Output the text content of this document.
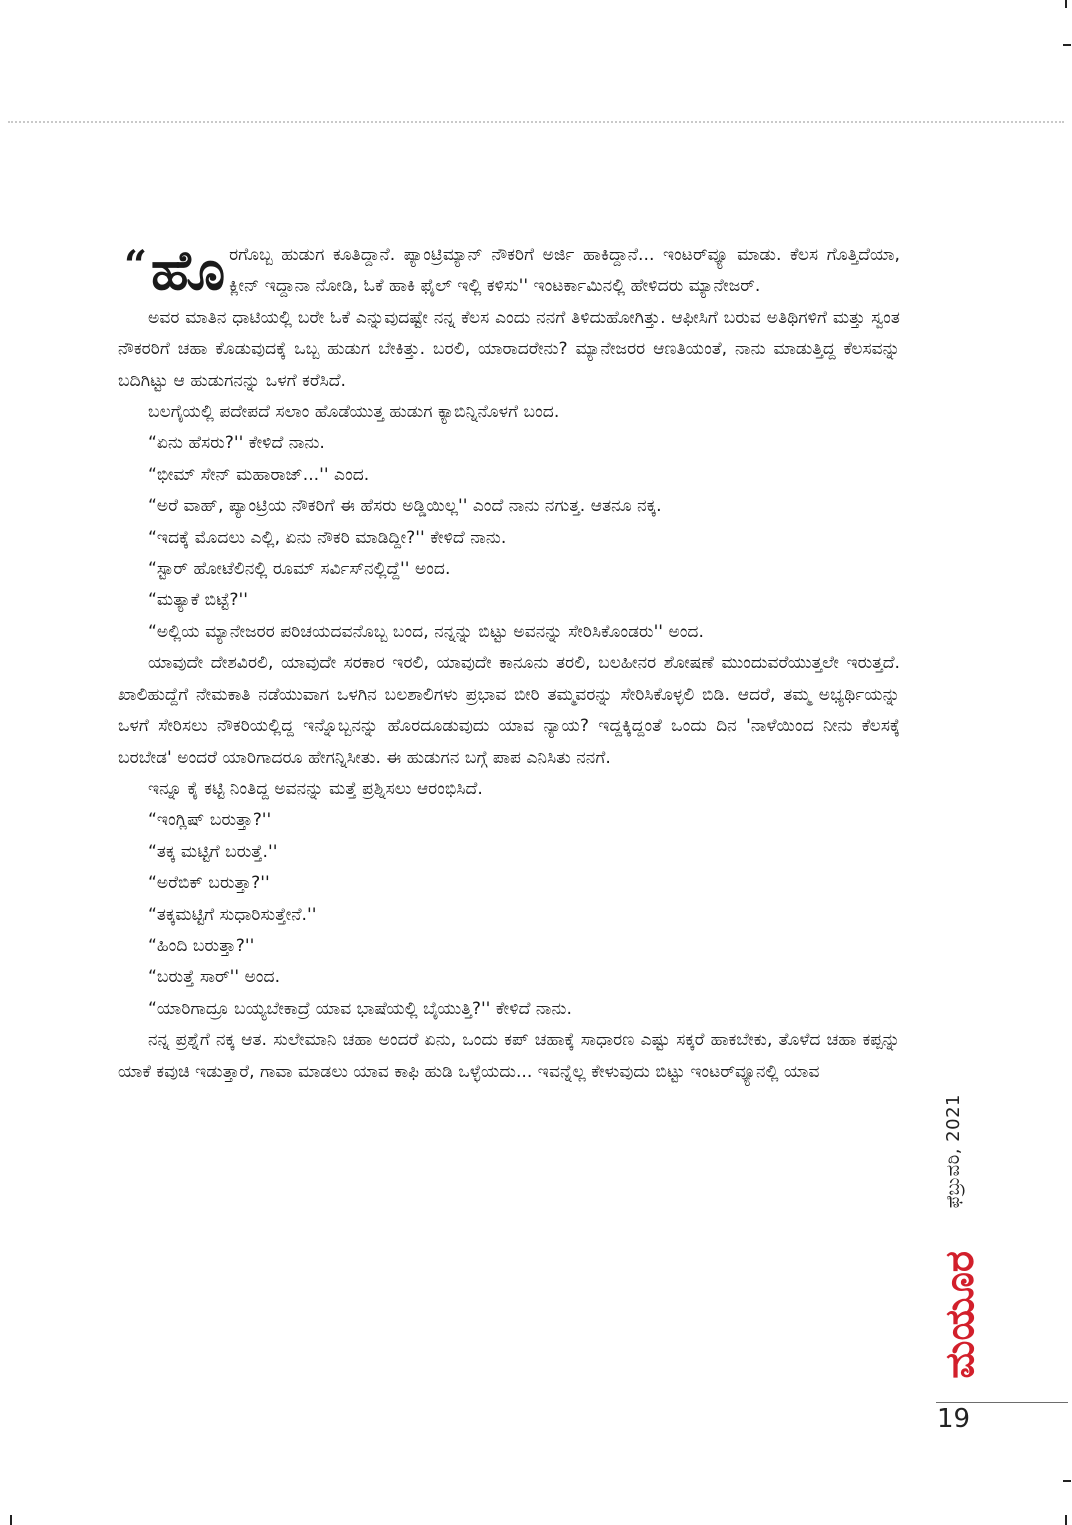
“ ಹೊ ರಗೊಬ್ಬ ಹುಡುಗ ಕೂತಿದ್ದಾನೆ. ಪ್ಯಾಂಟ್ರಿಮ್ಯಾನ್ ನೌಕರಿಗೆ ಅರ್ಜಿ ಹಾಕಿದ್ದಾನೆ... ಇಂಟರ್‌ವ್ಯೂ ಮಾಡು. ಕೆಲಸ ಗೊತ್ತಿದೆಯಾ, ಕ್ಲೀನ್ ಇದ್ದಾನಾ ನೋಡಿ, ಓಕೆ ಹಾಕಿ ಫೈಲ್ ಇಲ್ಲಿ ಕಳಿಸು'' ಇಂಟರ್ಕಾಮಿನಲ್ಲಿ ಹೇಳಿದರು ಮ್ಯಾನೇಜರ್.

ಅವರ ಮಾತಿನ ಧಾಟಿಯಲ್ಲಿ ಬರೇ ಓಕೆ ಎನ್ನುವುದಷ್ಟೇ ನನ್ನ ಕೆಲಸ ಎಂದು ನನಗೆ ತಿಳಿದುಹೋಗಿತ್ತು. ಆಫೀಸಿಗೆ ಬರುವ ಅತಿಥಿಗಳಿಗೆ ಮತ್ತು ಸ್ವಂತ ನೌಕರರಿಗೆ ಚಹಾ ಕೊಡುವುದಕ್ಕೆ ಒಬ್ಬ ಹುಡುಗ ಬೇಕಿತ್ತು. ಬರಲಿ, ಯಾರಾದರೇನು? ಮ್ಯಾನೇಜರರ ಆಣತಿಯಂತೆ, ನಾನು ಮಾಡುತ್ತಿದ್ದ ಕೆಲಸವನ್ನು ಬದಿಗಿಟ್ಟು ಆ ಹುಡುಗನನ್ನು ಒಳಗೆ ಕರೆಸಿದೆ.

ಬಲಗೈಯಲ್ಲಿ ಪದೇಪದೆ ಸಲಾಂ ಹೊಡೆಯುತ್ತ ಹುಡುಗ ಕ್ಯಾಬಿನ್ನಿನೊಳಗೆ ಬಂದ.

“ಏನು ಹೆಸರು?'' ಕೇಳಿದೆ ನಾನು.

“ಭೀಮ್ ಸೇನ್ ಮಹಾರಾಜ್...'' ಎಂದ.

“ಅರೆ ವಾಹ್, ಪ್ಯಾಂಟ್ರಿಯ ನೌಕರಿಗೆ ಈ ಹೆಸರು ಅಡ್ಡಿಯಿಲ್ಲ'' ಎಂದೆ ನಾನು ನಗುತ್ತ. ಆತನೂ ನಕ್ಕ.

“ಇದಕ್ಕೆ ಮೊದಲು ಎಲ್ಲಿ, ಏನು ನೌಕರಿ ಮಾಡಿದ್ದೀ?'' ಕೇಳಿದೆ ನಾನು.

“ಸ್ಟಾರ್ ಹೋಟೆಲಿನಲ್ಲಿ ರೂಮ್ ಸರ್ವಿಸ್‌ನಲ್ಲಿದ್ದೆ'' ಅಂದ.

“ಮತ್ಯಾಕೆ ಬಿಟ್ಟೆ?''

“ಅಲ್ಲಿಯ ಮ್ಯಾನೇಜರರ ಪರಿಚಯದವನೊಬ್ಬ ಬಂದ, ನನ್ನನ್ನು ಬಿಟ್ಟು ಅವನನ್ನು ಸೇರಿಸಿಕೊಂಡರು'' ಅಂದ.

ಯಾವುದೇ ದೇಶವಿರಲಿ, ಯಾವುದೇ ಸರಕಾರ ಇರಲಿ, ಯಾವುದೇ ಕಾನೂನು ತರಲಿ, ಬಲಹೀನರ ಶೋಷಣೆ ಮುಂದುವರೆಯುತ್ತಲೇ ಇರುತ್ತದೆ. ಖಾಲಿಹುದ್ದೆಗೆ ನೇಮಕಾತಿ ನಡೆಯುವಾಗ ಒಳಗಿನ ಬಲಶಾಲಿಗಳು ಪ್ರಭಾವ ಬೀರಿ ತಮ್ಮವರನ್ನು ಸೇರಿಸಿಕೊಳ್ಳಲಿ ಬಿಡಿ. ಆದರೆ, ತಮ್ಮ ಅಭ್ಯರ್ಥಿಯನ್ನು ಒಳಗೆ ಸೇರಿಸಲು ನೌಕರಿಯಲ್ಲಿದ್ದ ಇನ್ನೊಬ್ಬನನ್ನು ಹೊರದೂಡುವುದು ಯಾವ ನ್ಯಾಯ? ಇದ್ದಕ್ಕಿದ್ದಂತೆ ಒಂದು ದಿನ 'ನಾಳೆಯಿಂದ ನೀನು ಕೆಲಸಕ್ಕೆ ಬರಬೇಡ' ಅಂದರೆ ಯಾರಿಗಾದರೂ ಹೇಗನ್ನಿಸೀತು. ಈ ಹುಡುಗನ ಬಗ್ಗೆ ಪಾಪ ಎನಿಸಿತು ನನಗೆ.

ಇನ್ನೂ ಕೈ ಕಟ್ಟಿ ನಿಂತಿದ್ದ ಅವನನ್ನು ಮತ್ತೆ ಪ್ರಶ್ನಿಸಲು ಆರಂಭಿಸಿದೆ.

“ಇಂಗ್ಲಿಷ್ ಬರುತ್ತಾ?''

“ತಕ್ಕ ಮಟ್ಟಿಗೆ ಬರುತ್ತೆ.''

“ಅರೆಬಿಕ್ ಬರುತ್ತಾ?''

“ತಕ್ಕಮಟ್ಟಿಗೆ ಸುಧಾರಿಸುತ್ತೇನೆ.''

“ಹಿಂದಿ ಬರುತ್ತಾ?''

“ಬರುತ್ತೆ ಸಾರ್'' ಅಂದ.

“ಯಾರಿಗಾದ್ರೂ ಬಯ್ಯಬೇಕಾದ್ರೆ ಯಾವ ಭಾಷೆಯಲ್ಲಿ ಬೈಯುತ್ತಿ?'' ಕೇಳಿದೆ ನಾನು.

ನನ್ನ ಪ್ರಶ್ನೆಗೆ ನಕ್ಕ ಆತ. ಸುಲೇಮಾನಿ ಚಹಾ ಅಂದರೆ ಏನು, ಒಂದು ಕಪ್ ಚಹಾಕ್ಕೆ ಸಾಧಾರಣ ಎಷ್ಟು ಸಕ್ಕರೆ ಹಾಕಬೇಕು, ತೊಳೆದ ಚಹಾ ಕಪ್ಪನ್ನು ಯಾಕೆ ಕವುಚಿ ಇಡುತ್ತಾರೆ, ಗಾವಾ ಮಾಡಲು ಯಾವ ಕಾಫಿ ಹುಡಿ ಒಳ್ಳೆಯದು... ಇವನ್ನೆಲ್ಲ ಕೇಳುವುದು ಬಿಟ್ಟು ಇಂಟರ್‌ವ್ಯೂನಲ್ಲಿ ಯಾವ

ಫೆಬ್ರುವರಿ, 2021
ಮಯೂರ
19
